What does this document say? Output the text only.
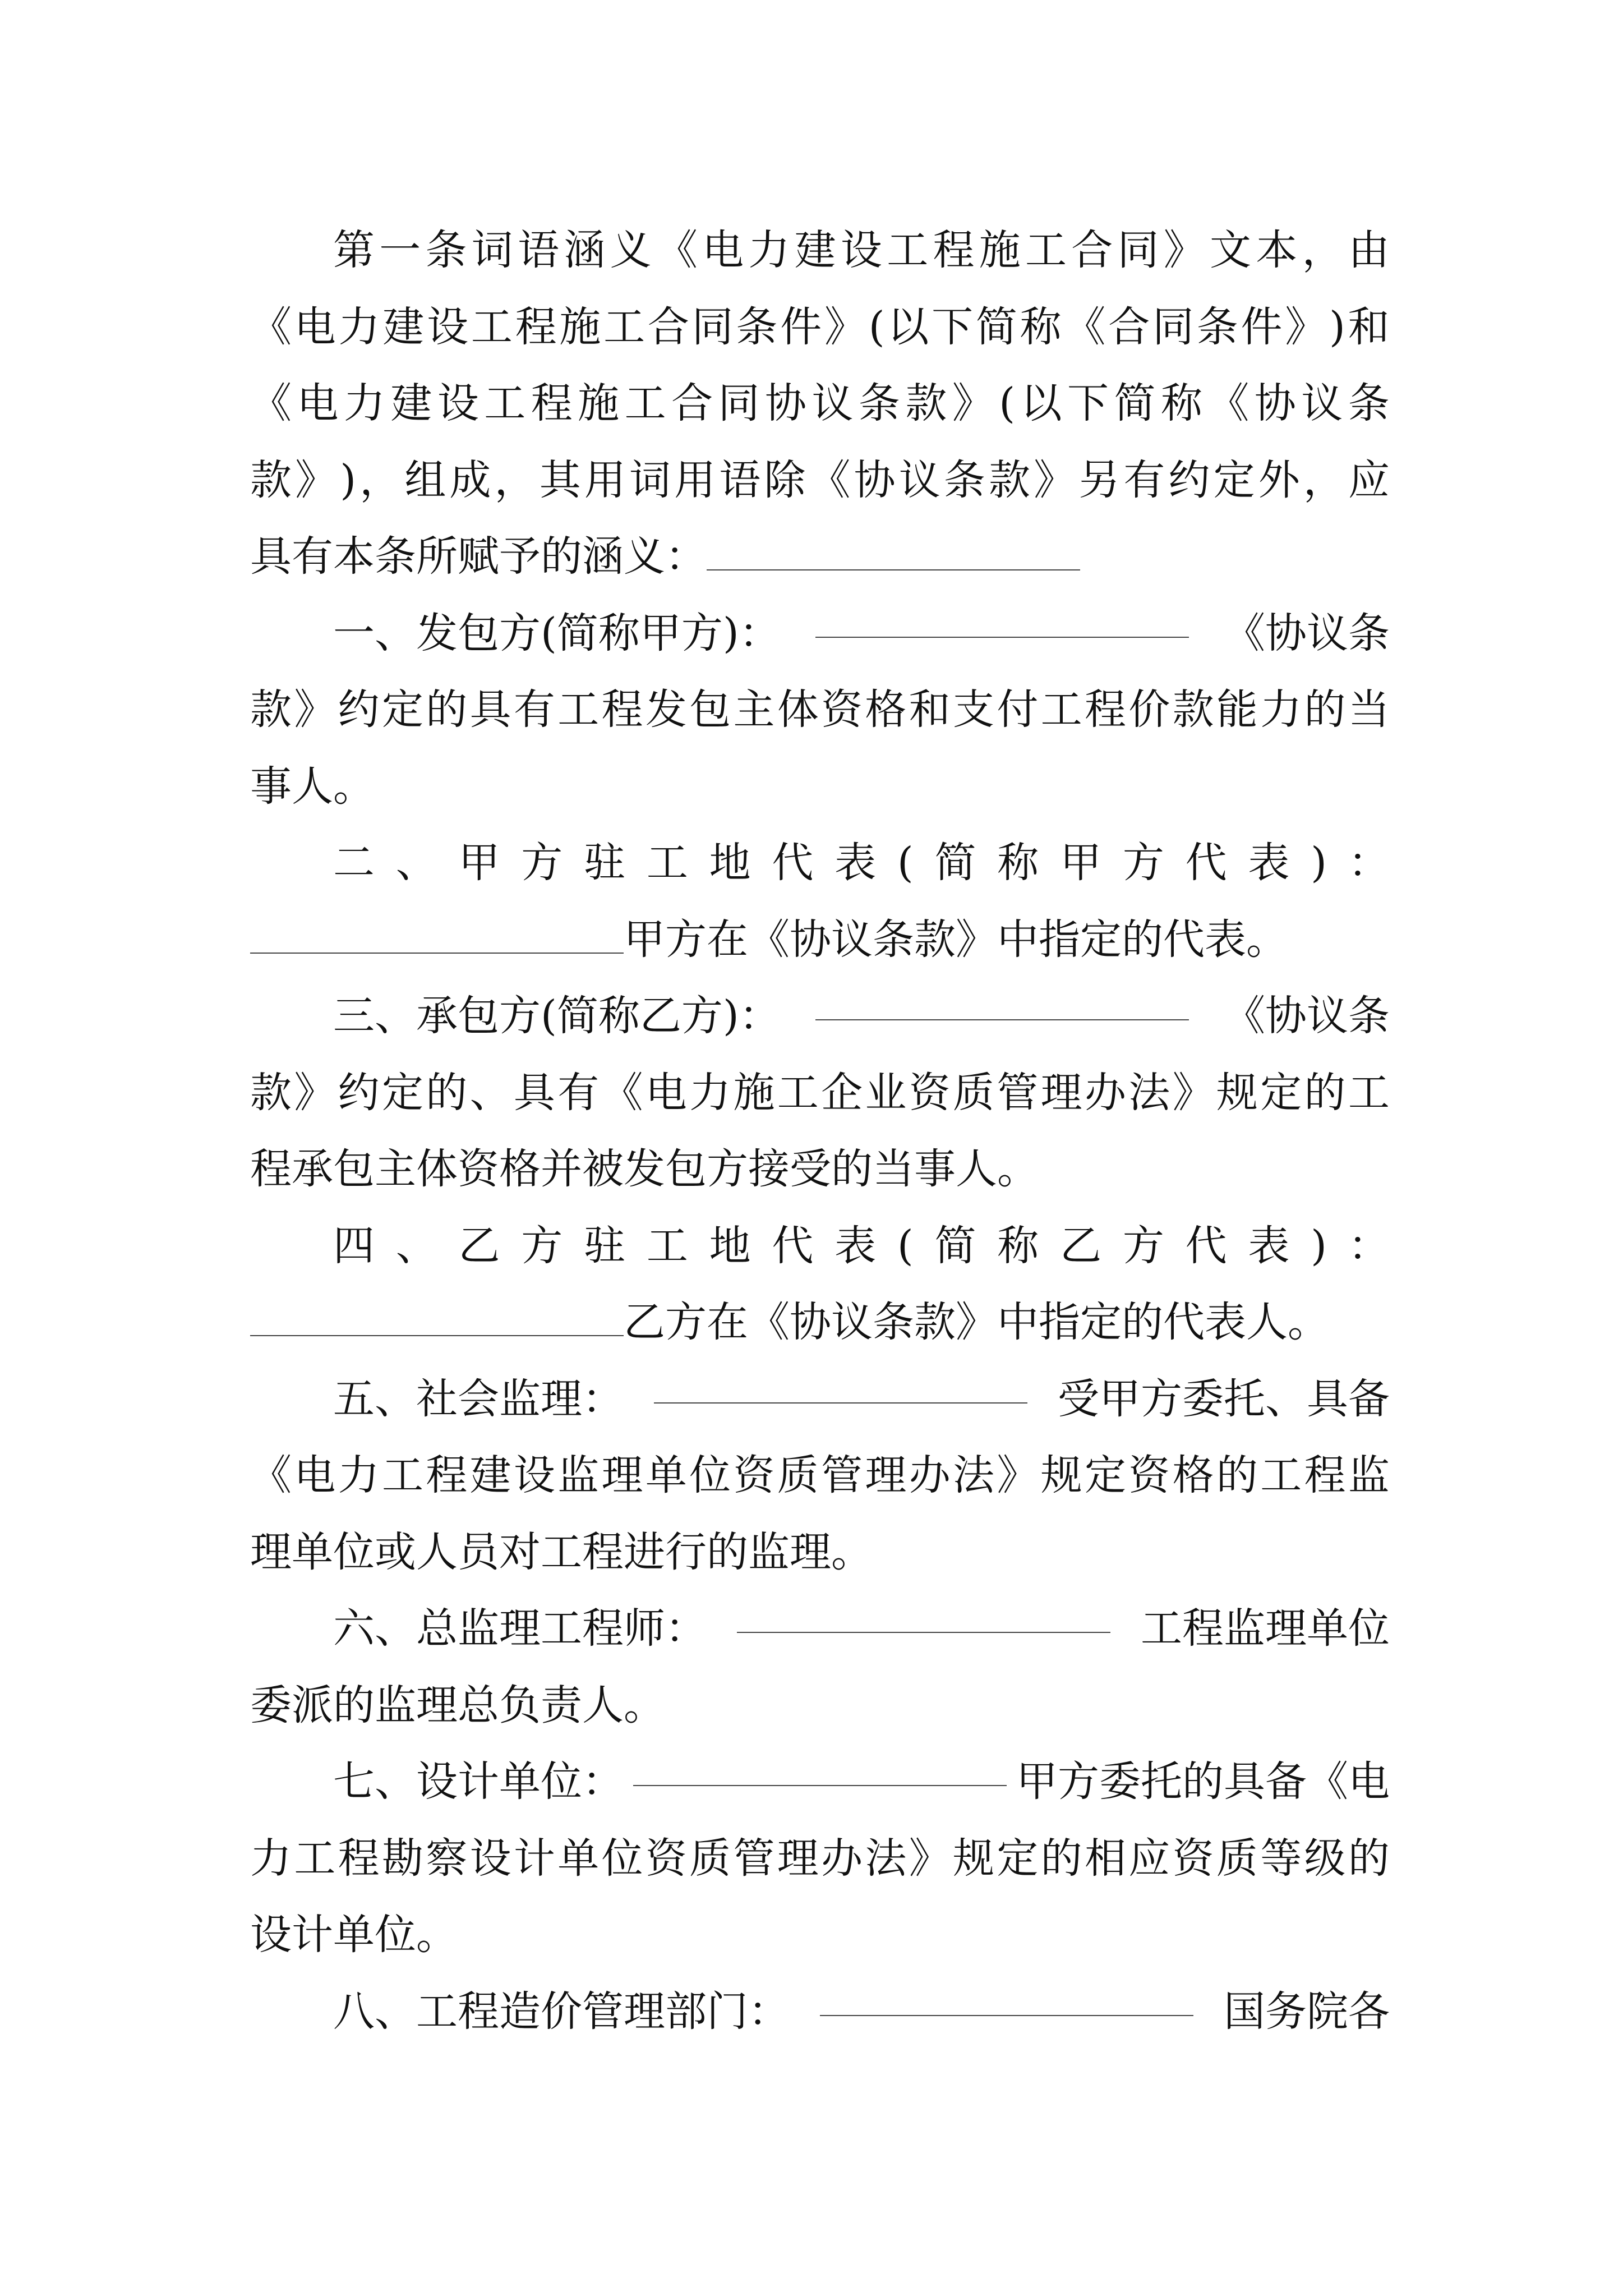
第 一 条 词 语 涵 义 《 电 力 建 设 工 程 施 工 合 同 》 文 本 ， 由
《 电 力 建 设 工 程 施 工 合 同 条 件 》 ( 以 下 简 称 《 合 同 条 件 》 ) 和
《 电 力 建 设 工 程 施 工 合 同 协 议 条 款 》 ( 以 下 简 称 《 协 议 条
款 》 ) ， 组 成 ， 其 用 词 用 语 除 《 协 议 条 款 》 另 有 约 定 外 ， 应
具有本条所赋予的涵义：
一、发包方(简称甲方)：	《协议条
款 》 约 定 的 具 有 工 程 发 包 主 体 资 格 和 支 付 工 程 价 款 能 力 的 当
事人。
二 、 甲 方 驻 工 地 代 表 ( 简 称 甲 方 代 表 ) ：
甲方在《协议条款》中指定的代表。
三、承包方(简称乙方)：	《协议条
款 》 约 定 的 、 具 有 《 电 力 施 工 企 业 资 质 管 理 办 法 》 规 定 的 工
程承包主体资格并被发包方接受的当事人。
四 、 乙 方 驻 工 地 代 表 ( 简 称 乙 方 代 表 ) ：
乙方在《协议条款》中指定的代表人。
五、社会监理：	受甲方委托、具备
《 电 力 工 程 建 设 监 理 单 位 资 质 管 理 办 法 》 规 定 资 格 的 工 程 监
理单位或人员对工程进行的监理。
六、总监理工程师：	工程监理单位
委派的监理总负责人。
七、设计单位：	甲方委托的具备《电
力 工 程 勘 察 设 计 单 位 资 质 管 理 办 法 》 规 定 的 相 应 资 质 等 级 的
设计单位。
八、工程造价管理部门：	国务院各
